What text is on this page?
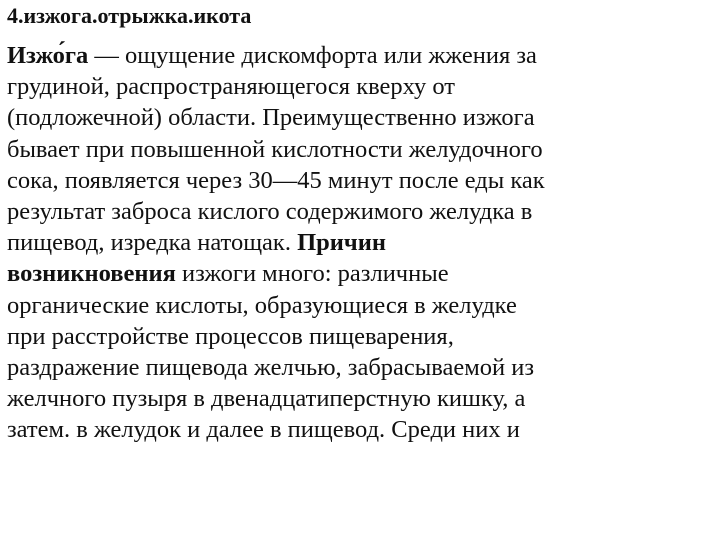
4.изжога.отрыжка.икота
Изжо́га — ощущение дискомфорта или жжения за
грудиной, распространяющегося кверху от
(подложечной) области. Преимущественно изжога
бывает при повышенной кислотности желудочного
сока, появляется через 30—45 минут после еды как
результат заброса кислого содержимого желудка в
пищевод, изредка натощак. Причин
возникновения изжоги много: различные
органические кислоты, образующиеся в желудке
при расстройстве процессов пищеварения,
раздражение пищевода желчью, забрасываемой из
желчного пузыря в двенадцатиперстную кишку, а
затем. в желудок и далее в пищевод. Среди них и
